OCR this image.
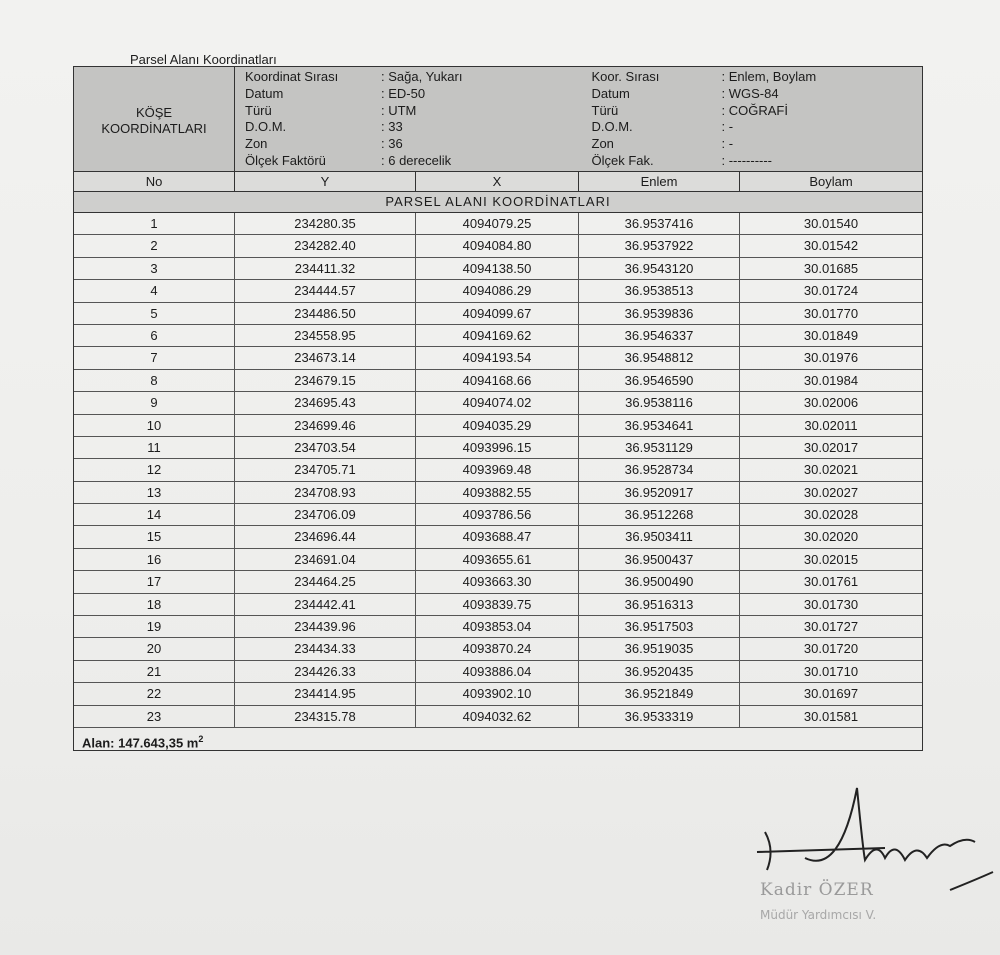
Parsel Alanı Koordinatları
KÖŞE
KOORDİNATLARI
Koordinat Sırası	: Sağa, Yukarı
Datum	: ED-50
Türü	: UTM
D.O.M.	: 33
Zon	: 36
Ölçek Faktörü	: 6 derecelik
Koor. Sırası	: Enlem, Boylam
Datum	: WGS-84
Türü	: COĞRAFİ
D.O.M.	: -
Zon	: -
Ölçek Fak.	: ----------
No	Y	X	Enlem	Boylam
PARSEL ALANI KOORDİNATLARI
1	234280.35	4094079.25	36.9537416	30.01540
2	234282.40	4094084.80	36.9537922	30.01542
3	234411.32	4094138.50	36.9543120	30.01685
4	234444.57	4094086.29	36.9538513	30.01724
5	234486.50	4094099.67	36.9539836	30.01770
6	234558.95	4094169.62	36.9546337	30.01849
7	234673.14	4094193.54	36.9548812	30.01976
8	234679.15	4094168.66	36.9546590	30.01984
9	234695.43	4094074.02	36.9538116	30.02006
10	234699.46	4094035.29	36.9534641	30.02011
11	234703.54	4093996.15	36.9531129	30.02017
12	234705.71	4093969.48	36.9528734	30.02021
13	234708.93	4093882.55	36.9520917	30.02027
14	234706.09	4093786.56	36.9512268	30.02028
15	234696.44	4093688.47	36.9503411	30.02020
16	234691.04	4093655.61	36.9500437	30.02015
17	234464.25	4093663.30	36.9500490	30.01761
18	234442.41	4093839.75	36.9516313	30.01730
19	234439.96	4093853.04	36.9517503	30.01727
20	234434.33	4093870.24	36.9519035	30.01720
21	234426.33	4093886.04	36.9520435	30.01710
22	234414.95	4093902.10	36.9521849	30.01697
23	234315.78	4094032.62	36.9533319	30.01581
Alan: 147.643,35 $m^2$
Kadir ÖZER
Müdür Yardımcısı V.
